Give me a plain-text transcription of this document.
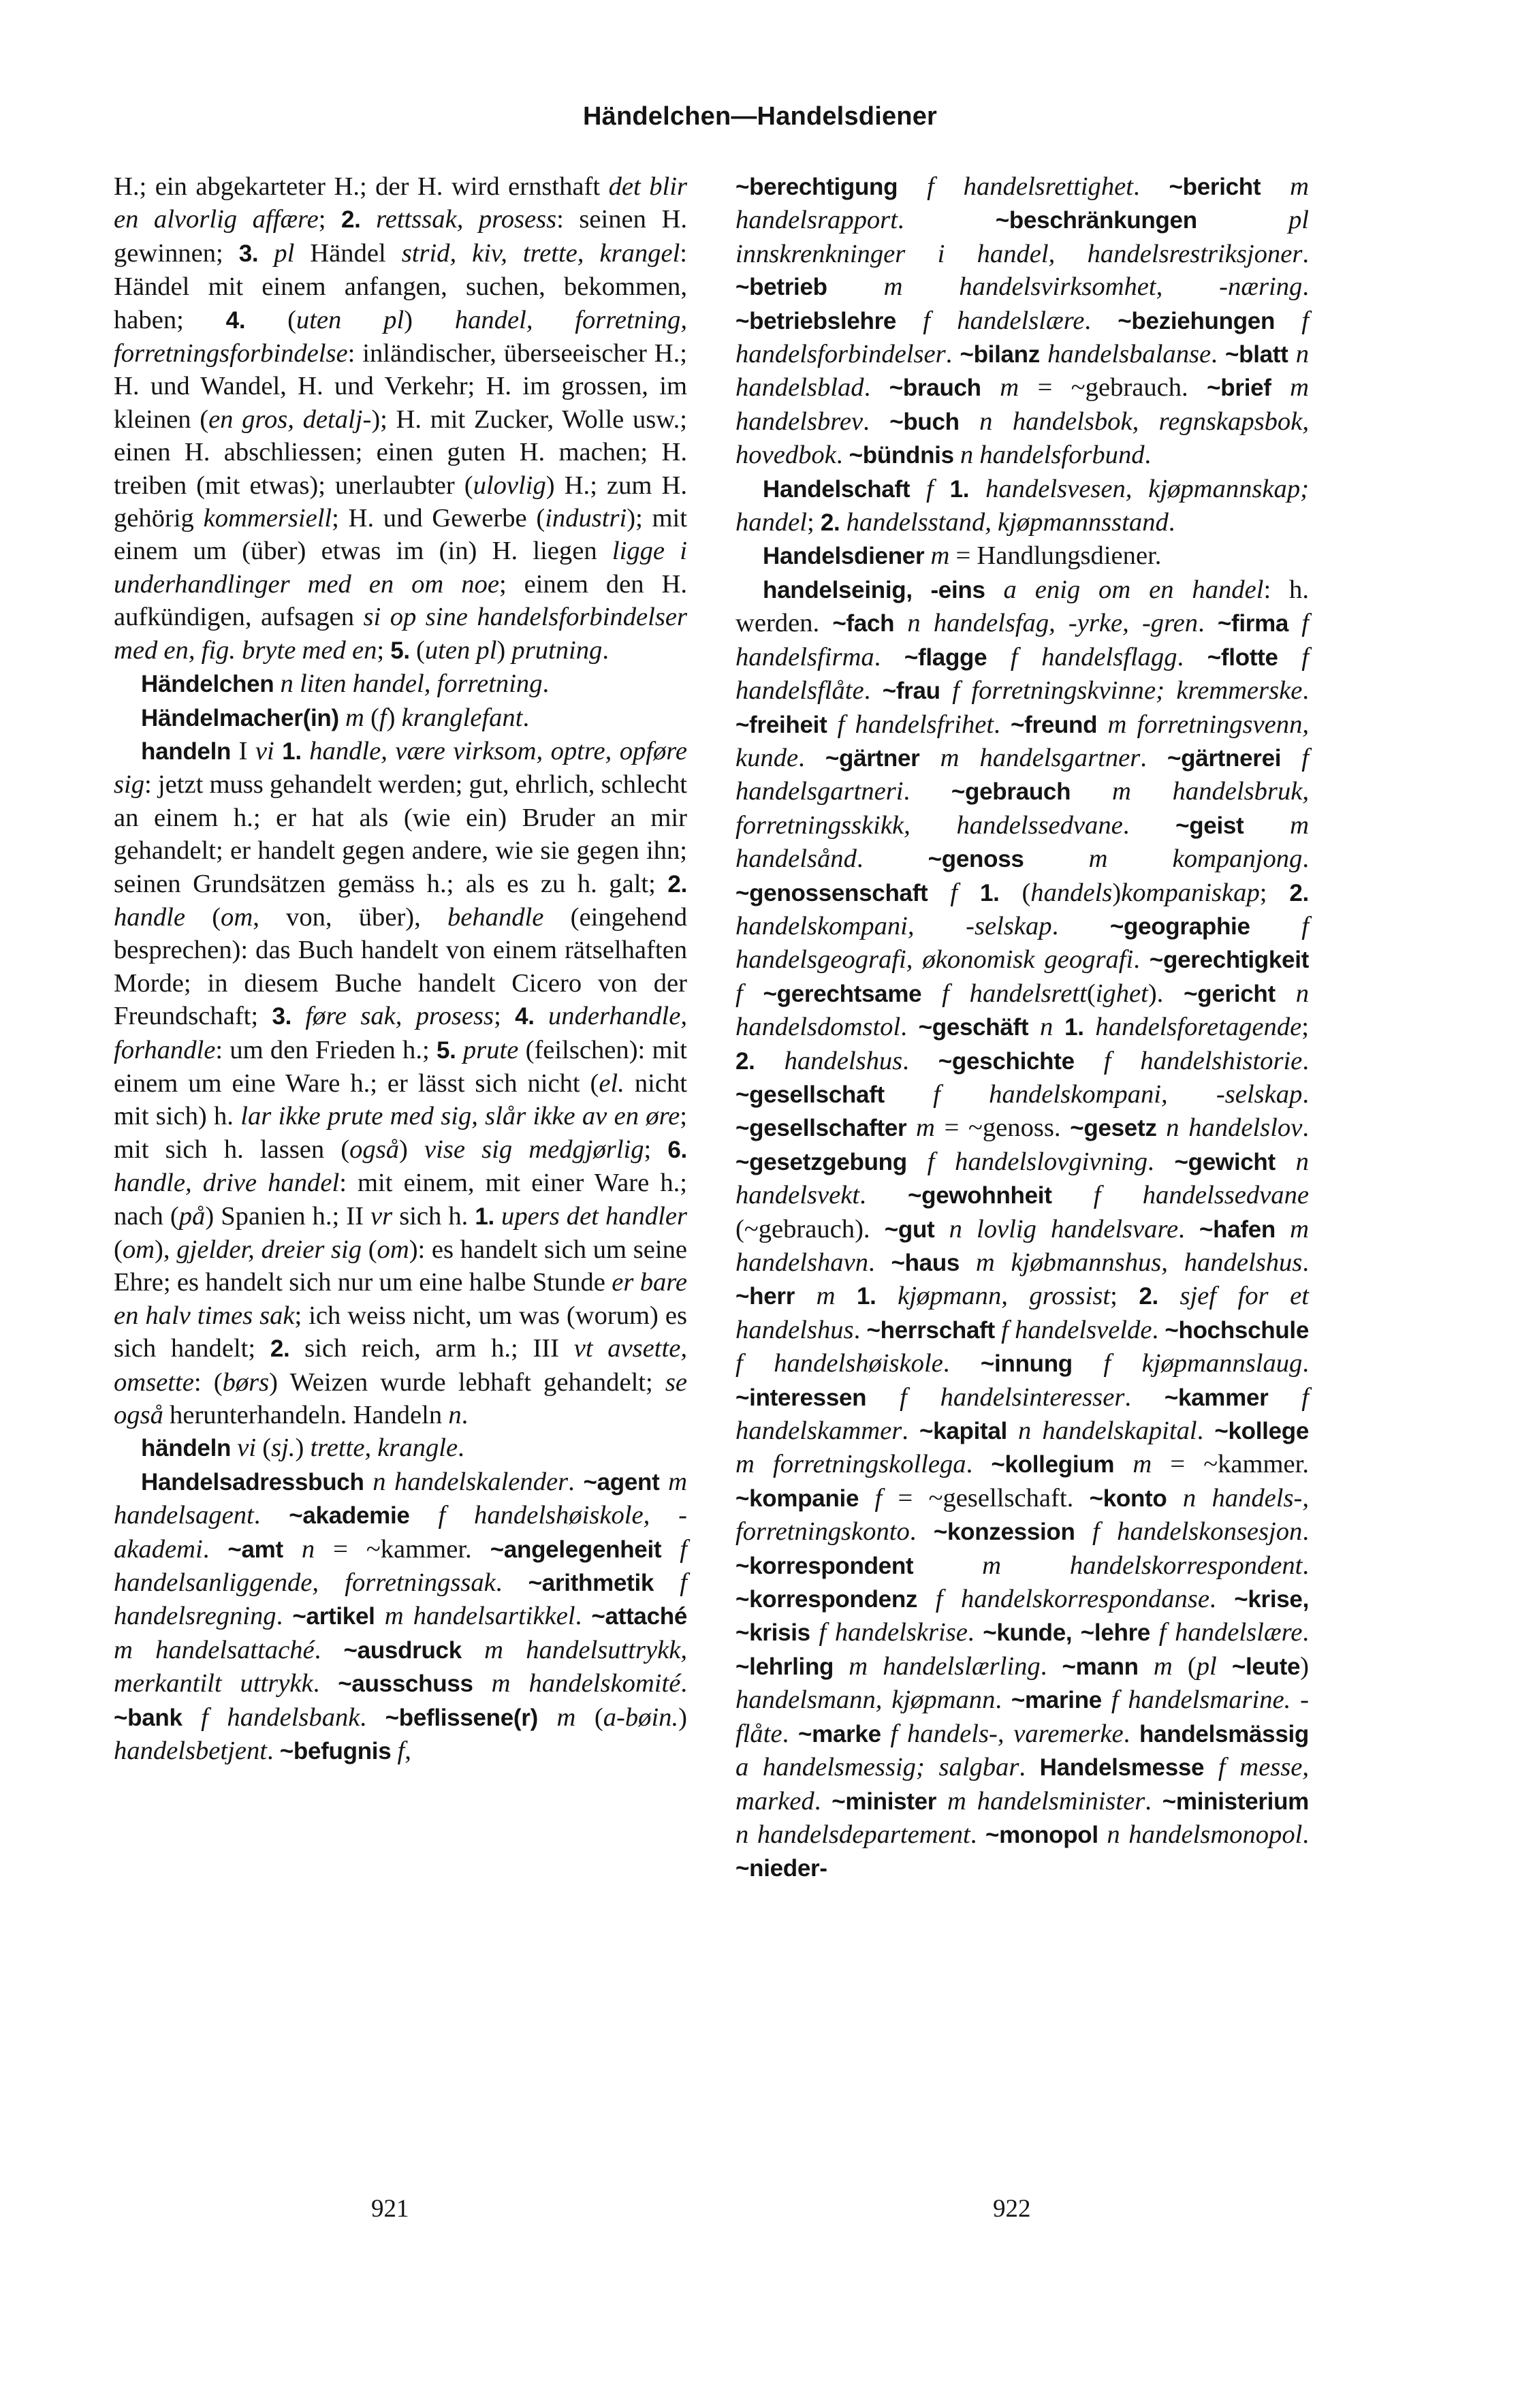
Händelchen—Handelsdiener

H.; ein abgekarteter H.; der H. wird ernsthaft det blir en alvorlig affære; 2. rettssak, prosess: seinen H. gewinnen; 3. pl Händel strid, kiv, trette, krangel: Händel mit einem anfangen, suchen, bekommen, haben; 4. (uten pl) handel, forretning, forretningsforbindelse: inländischer, überseeischer H.; H. und Wandel, H. und Verkehr; H. im grossen, im kleinen (en gros, detalj-); H. mit Zucker, Wolle usw.; einen H. abschliessen; einen guten H. machen; H. treiben (mit etwas); unerlaubter (ulovlig) H.; zum H. gehörig kommersiell; H. und Gewerbe (industri); mit einem um (über) etwas im (in) H. liegen ligge i underhandlinger med en om noe; einem den H. aufkündigen, aufsagen si op sine handelsforbindelser med en, fig. bryte med en; 5. (uten pl) prutning.

Händelchen n liten handel, forretning.

Händelmacher(in) m (f) kranglefant.

handeln I vi 1. handle, være virksom, optre, opføre sig: jetzt muss gehandelt werden; gut, ehrlich, schlecht an einem h.; er hat als (wie ein) Bruder an mir gehandelt; er handelt gegen andere, wie sie gegen ihn; seinen Grundsätzen gemäss h.; als es zu h. galt; 2. handle (om, von, über), behandle (eingehend besprechen): das Buch handelt von einem rätselhaften Morde; in diesem Buche handelt Cicero von der Freundschaft; 3. føre sak, prosess; 4. underhandle, forhandle: um den Frieden h.; 5. prute (feilschen): mit einem um eine Ware h.; er lässt sich nicht (el. nicht mit sich) h. lar ikke prute med sig, slår ikke av en øre; mit sich h. lassen (også) vise sig medgjørlig; 6. handle, drive handel: mit einem, mit einer Ware h.; nach (på) Spanien h.; II vr sich h. 1. upers det handler (om), gjelder, dreier sig (om): es handelt sich um seine Ehre; es handelt sich nur um eine halbe Stunde er bare en halv times sak; ich weiss nicht, um was (worum) es sich handelt; 2. sich reich, arm h.; III vt avsette, omsette: (børs) Weizen wurde lebhaft gehandelt; se også herunterhandeln. Handeln n.

händeln vi (sj.) trette, krangle.

Handelsadressbuch n handelskalender. ~agent m handelsagent. ~akademie f handelshøiskole, -akademi. ~amt n = ~kammer. ~angelegenheit f handelsanliggende, forretningssak. ~arithmetik f handelsregning. ~artikel m handelsartikkel. ~attaché m handelsattaché. ~ausdruck m handelsuttrykk, merkantilt uttrykk. ~ausschuss m handelskomité. ~bank f handelsbank. ~beflissene(r) m (a-bøin.) handelsbetjent. ~befugnis f,

~berechtigung f handelsrettighet. ~bericht m handelsrapport. ~beschränkungen	pl innskrenkninger i handel, handelsrestriksjoner. ~betrieb m handelsvirksomhet, -næring. ~betriebslehre f handelslære. ~beziehungen f handelsforbindelser. ~bilanz handelsbalanse. ~blatt n handelsblad. ~brauch m = ~gebrauch. ~brief m handelsbrev. ~buch n handelsbok, regnskapsbok, hovedbok. ~bündnis n handelsforbund.

Handelschaft f 1. handelsvesen, kjøpmannskap; handel; 2. handelsstand, kjøpmannsstand.

Handelsdiener m = Handlungsdiener.

handelseinig, -eins a enig om en handel: h. werden. ~fach n handelsfag, -yrke, -gren. ~firma f handelsfirma. ~flagge f handelsflagg. ~flotte f handelsflåte. ~frau f forretningskvinne; kremmerske. ~freiheit f handelsfrihet. ~freund m forretningsvenn, kunde. ~gärtner m handelsgartner. ~gärtnerei f handelsgartneri. ~gebrauch m handelsbruk, forretningsskikk, handelssedvane. ~geist m handelsånd. ~genoss m kompanjong. ~genossenschaft f 1. (handels)kompaniskap; 2. handelskompani, -selskap. ~geographie f handelsgeografi, økonomisk geografi. ~gerechtigkeit f ~gerechtsame f handelsrett(ighet). ~gericht n handelsdomstol. ~geschäft n 1. handelsforetagende; 2. handelshus. ~geschichte f handelshistorie. ~gesellschaft f handelskompani, -selskap. ~gesellschafter m = ~genoss. ~gesetz n handelslov. ~gesetzgebung f handelslovgivning. ~gewicht n handelsvekt. ~gewohnheit f handelssedvane (~gebrauch). ~gut n lovlig handelsvare. ~hafen m handelshavn. ~haus m kjøbmannshus, handelshus. ~herr m 1. kjøpmann, grossist; 2. sjef for et handelshus. ~herrschaft f handelsvelde. ~hochschule f handelshøiskole. ~innung f kjøpmannslaug. ~interessen f handelsinteresser. ~kammer f handelskammer. ~kapital n handelskapital. ~kollege m forretningskollega. ~kollegium m = ~kammer. ~kompanie f = ~gesellschaft. ~konto n handels-, forretningskonto. ~konzession f handelskonsesjon. ~korrespondent	m handelskorrespondent. ~korrespondenz f handelskorrespondanse. ~krise, ~krisis f handelskrise. ~kunde, ~lehre f handelslære. ~lehrling m handelslærling. ~mann m (pl ~leute) handelsmann, kjøpmann. ~marine f handelsmarine. -flåte. ~marke f handels-, varemerke. handelsmässig a handelsmessig; salgbar. Handelsmesse f messe, marked. ~minister m handelsminister. ~ministerium n handelsdepartement. ~monopol n handelsmonopol. ~nieder-

921	922
